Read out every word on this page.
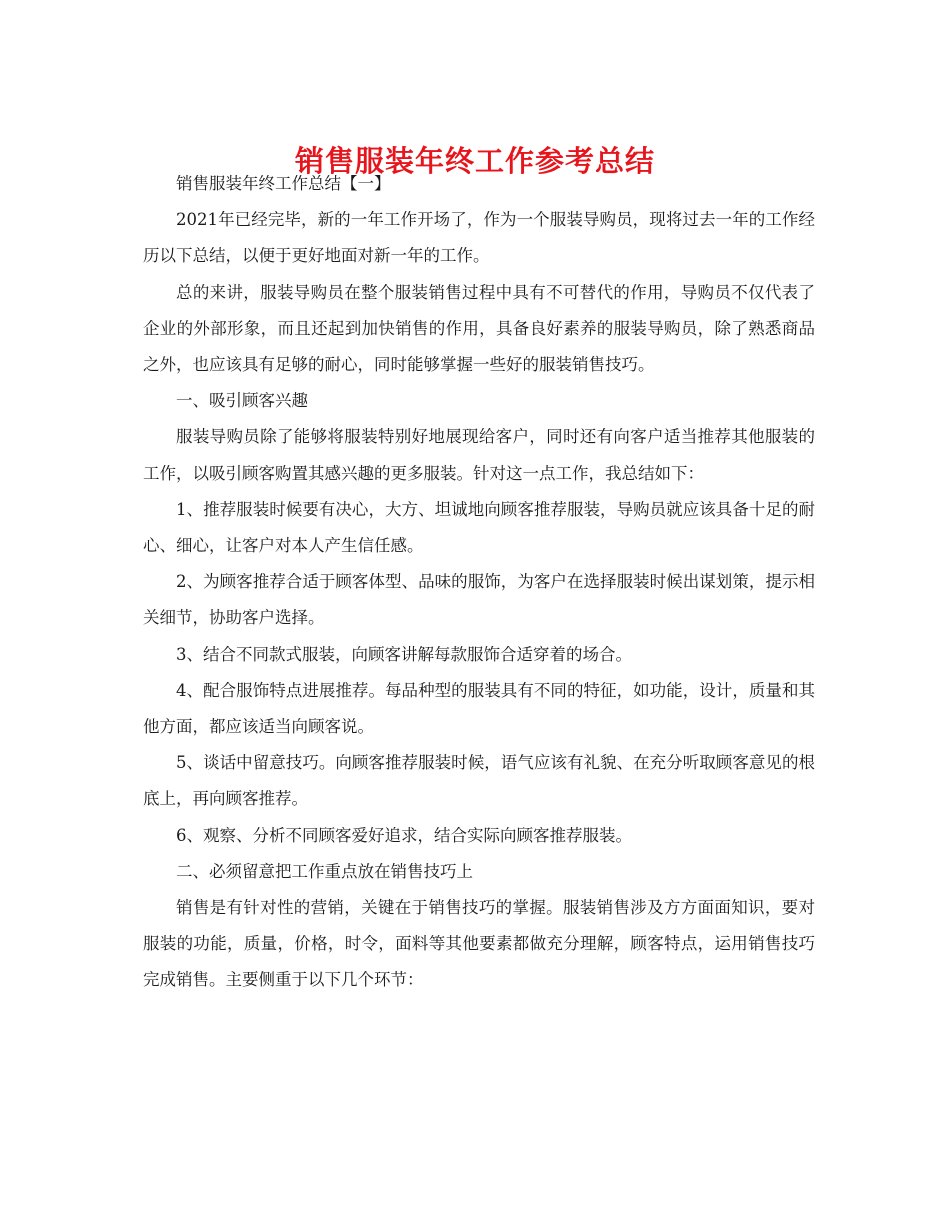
销售服装年终工作参考总结

销售服装年终工作总结【一】

2021年已经完毕，新的一年工作开场了，作为一个服装导购员，现将过去一年的工作经历以下总结，以便于更好地面对新一年的工作。

总的来讲，服装导购员在整个服装销售过程中具有不可替代的作用，导购员不仅代表了企业的外部形象，而且还起到加快销售的作用，具备良好素养的服装导购员，除了熟悉商品之外，也应该具有足够的耐心，同时能够掌握一些好的服装销售技巧。

一、吸引顾客兴趣

服装导购员除了能够将服装特别好地展现给客户，同时还有向客户适当推荐其他服装的工作，以吸引顾客购置其感兴趣的更多服装。针对这一点工作，我总结如下：

1、推荐服装时候要有决心，大方、坦诚地向顾客推荐服装，导购员就应该具备十足的耐心、细心，让客户对本人产生信任感。

2、为顾客推荐合适于顾客体型、品味的服饰，为客户在选择服装时候出谋划策，提示相关细节，协助客户选择。

3、结合不同款式服装，向顾客讲解每款服饰合适穿着的场合。

4、配合服饰特点进展推荐。每品种型的服装具有不同的特征，如功能，设计，质量和其他方面，都应该适当向顾客说。

5、谈话中留意技巧。向顾客推荐服装时候，语气应该有礼貌、在充分听取顾客意见的根底上，再向顾客推荐。

6、观察、分析不同顾客爱好追求，结合实际向顾客推荐服装。

二、必须留意把工作重点放在销售技巧上

销售是有针对性的营销，关键在于销售技巧的掌握。服装销售涉及方方面面知识，要对服装的功能，质量，价格，时令，面料等其他要素都做充分理解，顾客特点，运用销售技巧完成销售。主要侧重于以下几个环节：
